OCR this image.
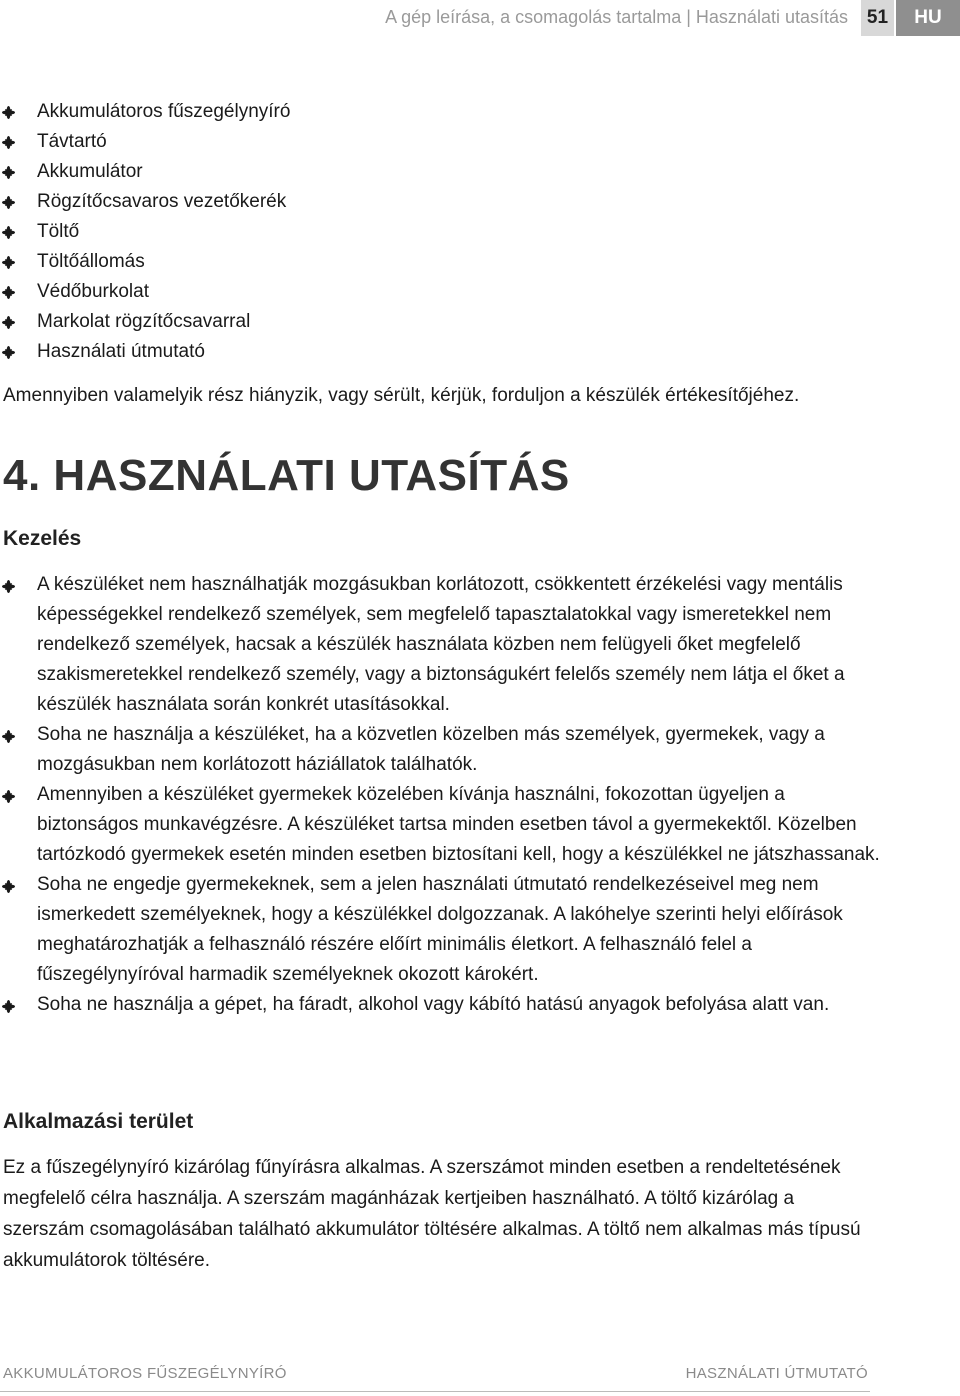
A gép leírása, a csomagolás tartalma | Használati utasítás 51	HU
Akkumulátoros fűszegélynyíró
Távtartó
Akkumulátor
Rögzítőcsavaros vezetőkerék
Töltő
Töltőállomás
Védőburkolat
Markolat rögzítőcsavarral
Használati útmutató

Amennyiben valamelyik rész hiányzik, vagy sérült, kérjük, forduljon a készülék értékesítőjéhez.

4. HASZNÁLATI UTASÍTÁS
Kezelés
A készüléket nem használhatják mozgásukban korlátozott, csökkentett érzékelési vagy mentális képességekkel rendelkező személyek, sem megfelelő tapasztalatokkal vagy ismeretekkel nem rendelkező személyek, hacsak a készülék használata közben nem felügyeli őket megfelelő szakismeretekkel rendelkező személy, vagy a biztonságukért felelős személy nem látja el őket a készülék használata során konkrét utasításokkal.
Soha ne használja a készüléket, ha a közvetlen közelben más személyek, gyermekek, vagy a mozgásukban nem korlátozott háziállatok találhatók.
Amennyiben a készüléket gyermekek közelében kívánja használni, fokozottan ügyeljen a biztonságos munkavégzésre. A készüléket tartsa minden esetben távol a gyermekektől. Közelben tartózkodó gyermekek esetén minden esetben biztosítani kell, hogy a készülékkel ne játszhassanak.
Soha ne engedje gyermekeknek, sem a jelen használati útmutató rendelkezéseivel meg nem ismerkedett személyeknek, hogy a készülékkel dolgozzanak. A lakóhelye szerinti helyi előírások meghatározhatják a felhasználó részére előírt minimális életkort. A felhasználó felel a fűszegélynyíróval harmadik személyeknek okozott károkért.
Soha ne használja a gépet, ha fáradt, alkohol vagy kábító hatású anyagok befolyása alatt van.
Alkalmazási terület

Ez a fűszegélynyíró kizárólag fűnyírásra alkalmas. A szerszámot minden esetben a rendeltetésének megfelelő célra használja. A szerszám magánházak kertjeiben használható. A töltő kizárólag a szerszám csomagolásában található akkumulátor töltésére alkalmas. A töltő nem alkalmas más típusú akkumulátorok töltésére.

AKKUMULÁTOROS FŰSZEGÉLYNYÍRÓ	HASZNÁLATI ÚTMUTATÓ
